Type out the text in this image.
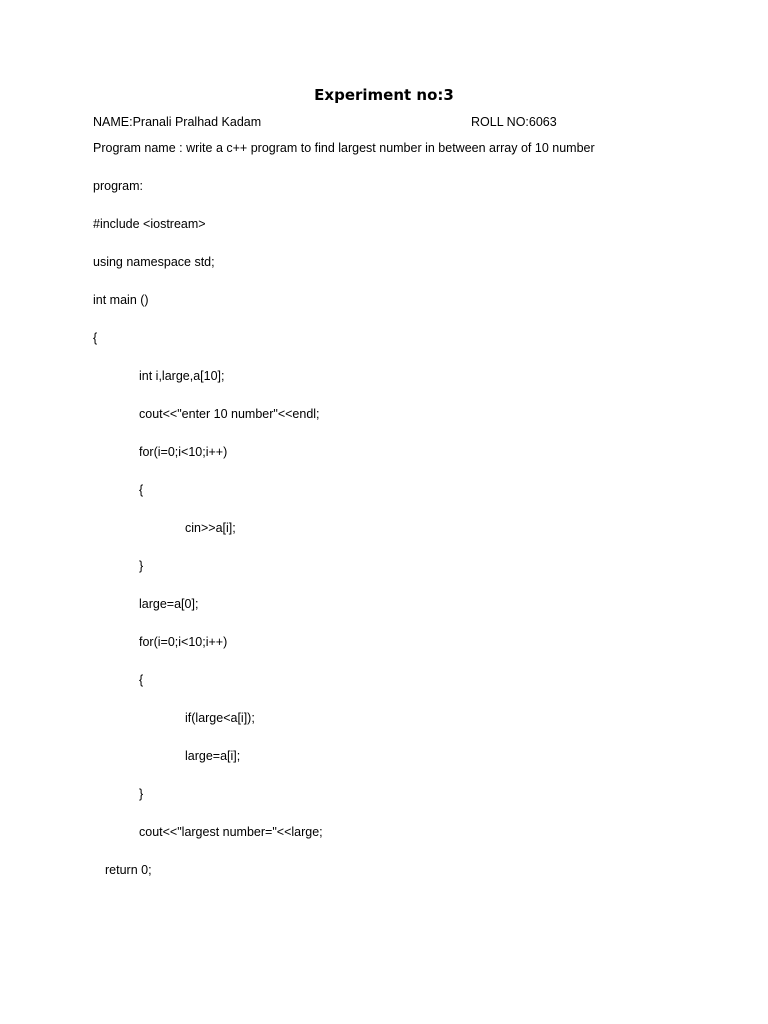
Experiment no:3
NAME:Pranali Pralhad Kadam	ROLL NO:6063
Program name : write a c++ program to find largest number in between array of 10 number
program:
#include <iostream>
using namespace std;
int main ()
{
int i,large,a[10];
cout<<"enter 10 number"<<endl;
for(i=0;i<10;i++)
{
cin>>a[i];
}
large=a[0];
for(i=0;i<10;i++)
{
if(large<a[i]);
large=a[i];
}
cout<<"largest number="<<large;
return 0;
